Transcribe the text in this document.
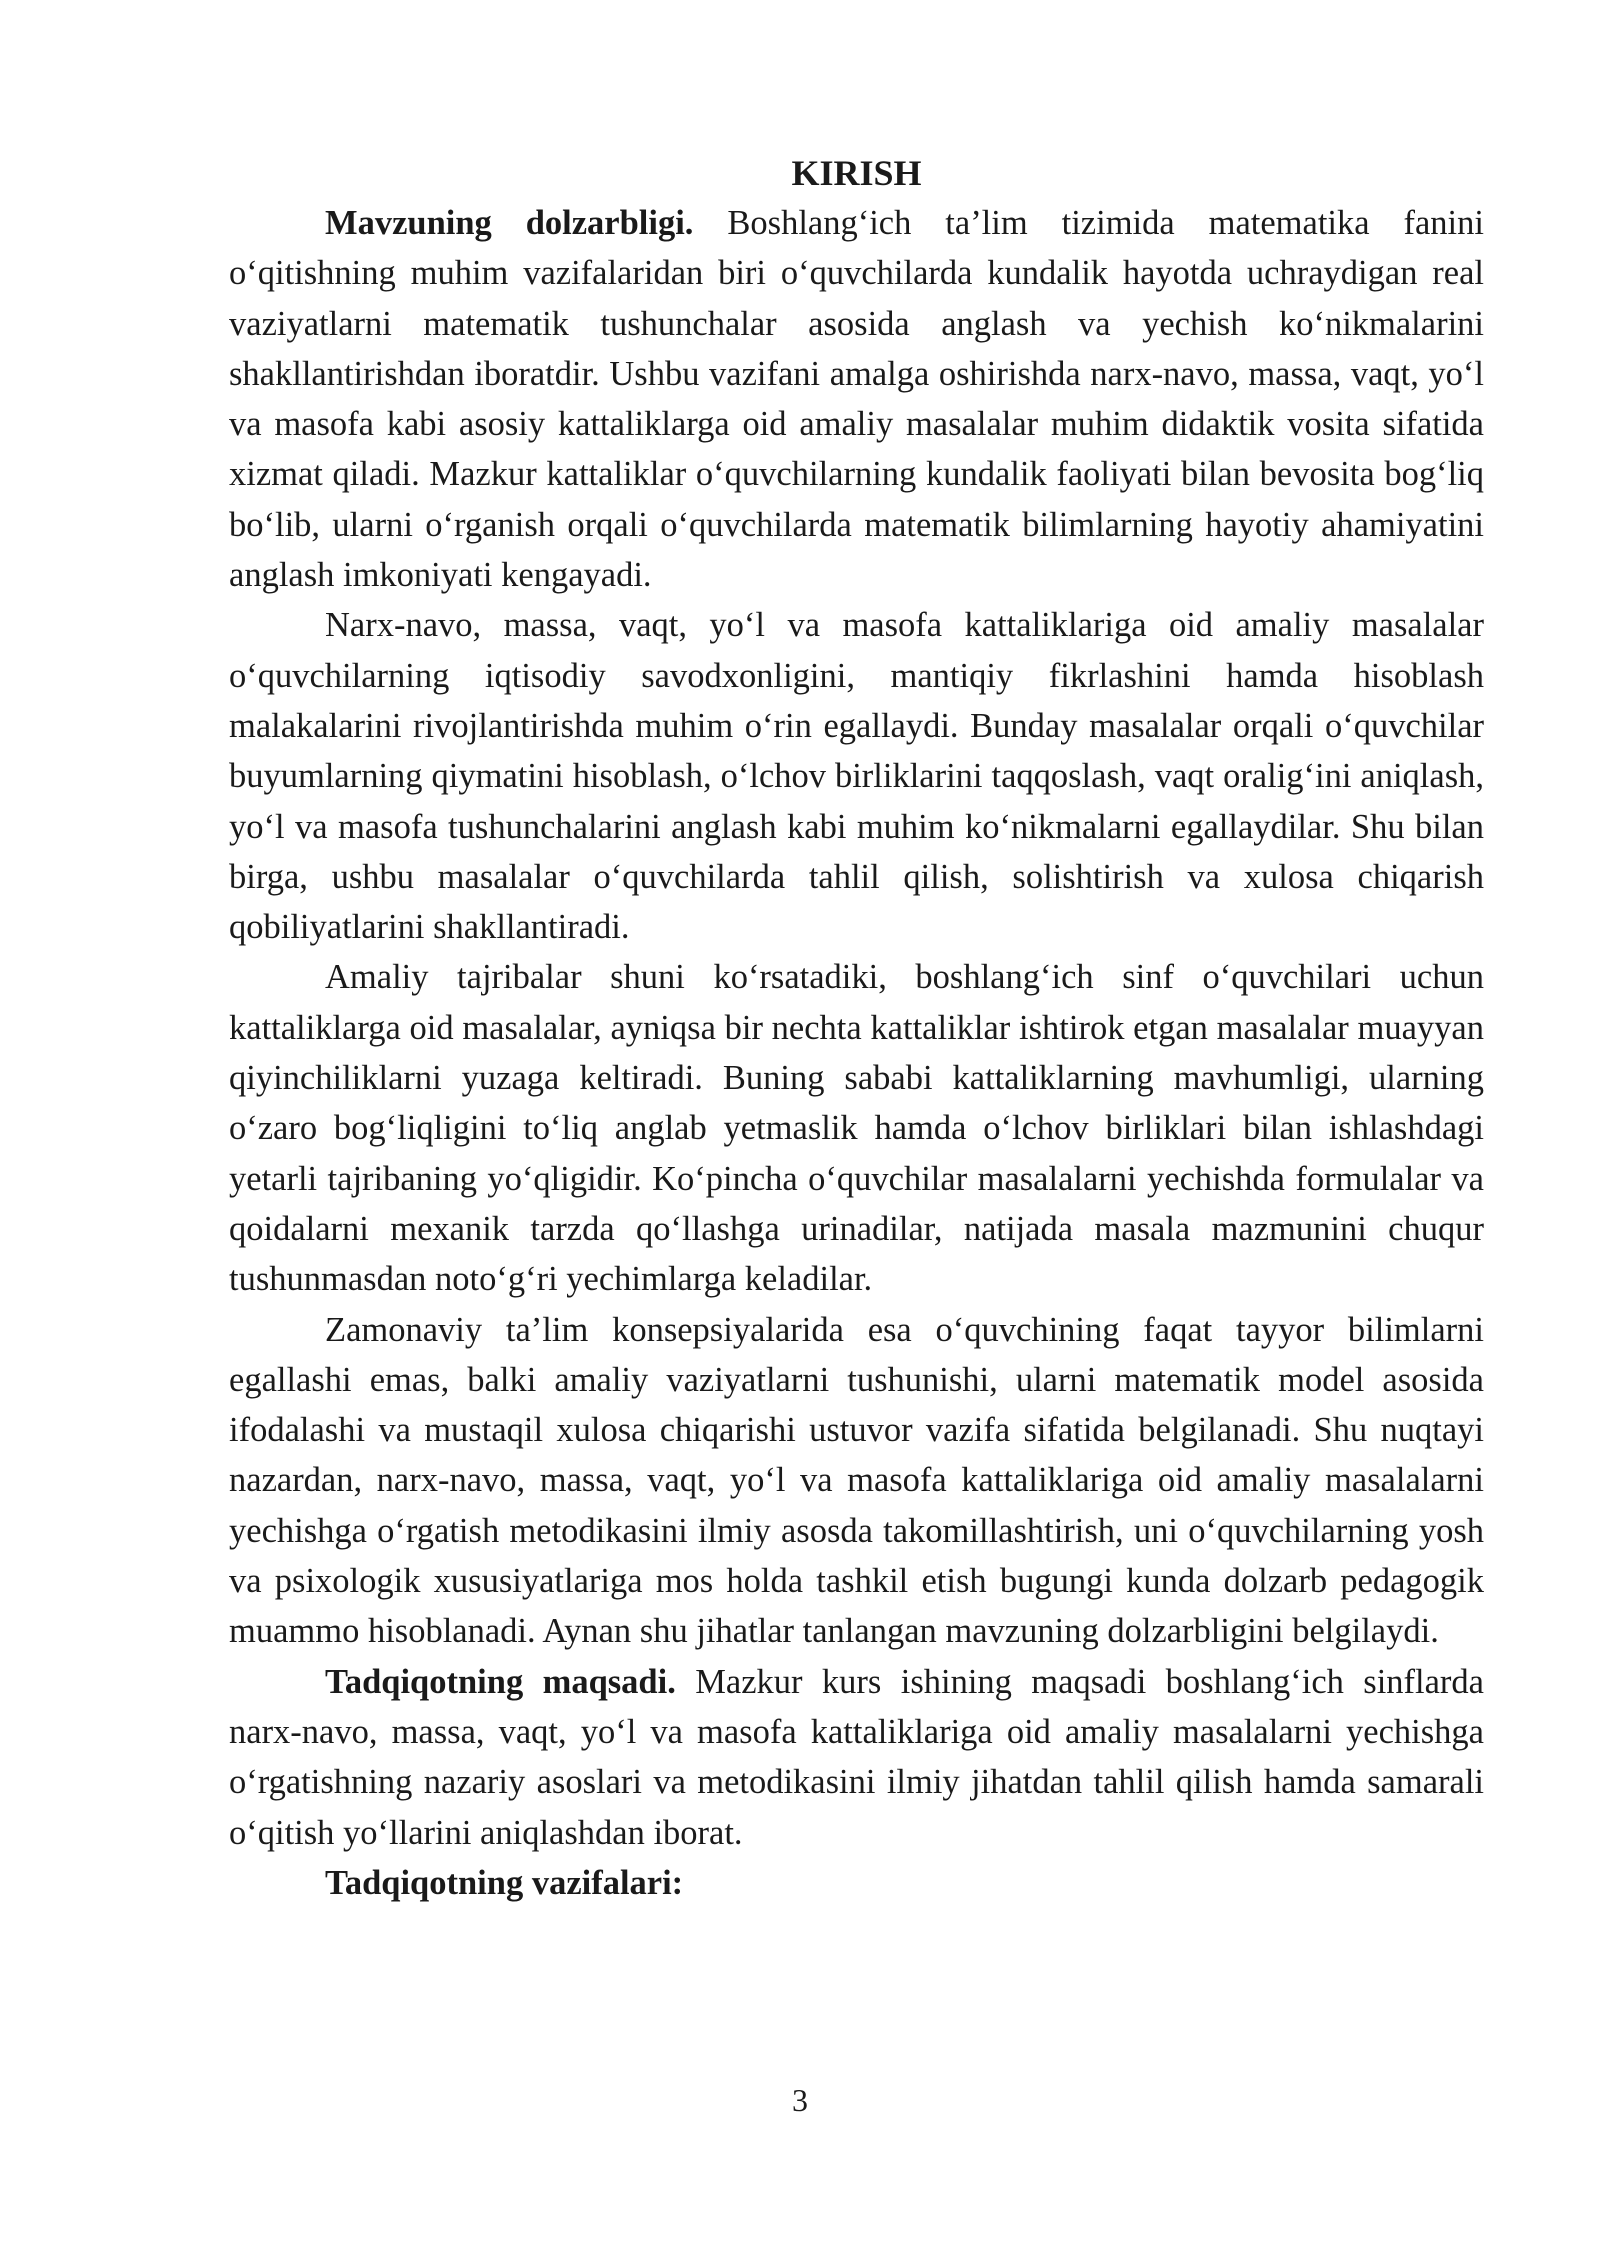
KIRISH

Mavzuning dolzarbligi. Boshlang‘ich ta’lim tizimida matematika fanini o‘qitishning muhim vazifalaridan biri o‘quvchilarda kundalik hayotda uchraydigan real vaziyatlarni matematik tushunchalar asosida anglash va yechish ko‘nikmalarini shakllantirishdan iboratdir. Ushbu vazifani amalga oshirishda narx-navo, massa, vaqt, yo‘l va masofa kabi asosiy kattaliklarga oid amaliy masalalar muhim didaktik vosita sifatida xizmat qiladi. Mazkur kattaliklar o‘quvchilarning kundalik faoliyati bilan bevosita bog‘liq bo‘lib, ularni o‘rganish orqali o‘quvchilarda matematik bilimlarning hayotiy ahamiyatini anglash imkoniyati kengayadi.

Narx-navo, massa, vaqt, yo‘l va masofa kattaliklariga oid amaliy masalalar o‘quvchilarning iqtisodiy savodxonligini, mantiqiy fikrlashini hamda hisoblash malakalarini rivojlantirishda muhim o‘rin egallaydi. Bunday masalalar orqali o‘quvchilar buyumlarning qiymatini hisoblash, o‘lchov birliklarini taqqoslash, vaqt oralig‘ini aniqlash, yo‘l va masofa tushunchalarini anglash kabi muhim ko‘nikmalarni egallaydilar. Shu bilan birga, ushbu masalalar o‘quvchilarda tahlil qilish, solishtirish va xulosa chiqarish qobiliyatlarini shakllantiradi.

Amaliy tajribalar shuni ko‘rsatadiki, boshlang‘ich sinf o‘quvchilari uchun kattaliklarga oid masalalar, ayniqsa bir nechta kattaliklar ishtirok etgan masalalar muayyan qiyinchiliklarni yuzaga keltiradi. Buning sababi kattaliklarning mavhumligi, ularning o‘zaro bog‘liqligini to‘liq anglab yetmaslik hamda o‘lchov birliklari bilan ishlashdagi yetarli tajribaning yo‘qligidir. Ko‘pincha o‘quvchilar masalalarni yechishda formulalar va qoidalarni mexanik tarzda qo‘llashga urinadilar, natijada masala mazmunini chuqur tushunmasdan noto‘g‘ri yechimlarga keladilar.

Zamonaviy ta’lim konsepsiyalarida esa o‘quvchining faqat tayyor bilimlarni egallashi emas, balki amaliy vaziyatlarni tushunishi, ularni matematik model asosida ifodalashi va mustaqil xulosa chiqarishi ustuvor vazifa sifatida belgilanadi. Shu nuqtayi nazardan, narx-navo, massa, vaqt, yo‘l va masofa kattaliklariga oid amaliy masalalarni yechishga o‘rgatish metodikasini ilmiy asosda takomillashtirish, uni o‘quvchilarning yosh va psixologik xususiyatlariga mos holda tashkil etish bugungi kunda dolzarb pedagogik muammo hisoblanadi. Aynan shu jihatlar tanlangan mavzuning dolzarbligini belgilaydi.

Tadqiqotning maqsadi. Mazkur kurs ishining maqsadi boshlang‘ich sinflarda narx-navo, massa, vaqt, yo‘l va masofa kattaliklariga oid amaliy masalalarni yechishga o‘rgatishning nazariy asoslari va metodikasini ilmiy jihatdan tahlil qilish hamda samarali o‘qitish yo‘llarini aniqlashdan iborat.

Tadqiqotning vazifalari:

3
